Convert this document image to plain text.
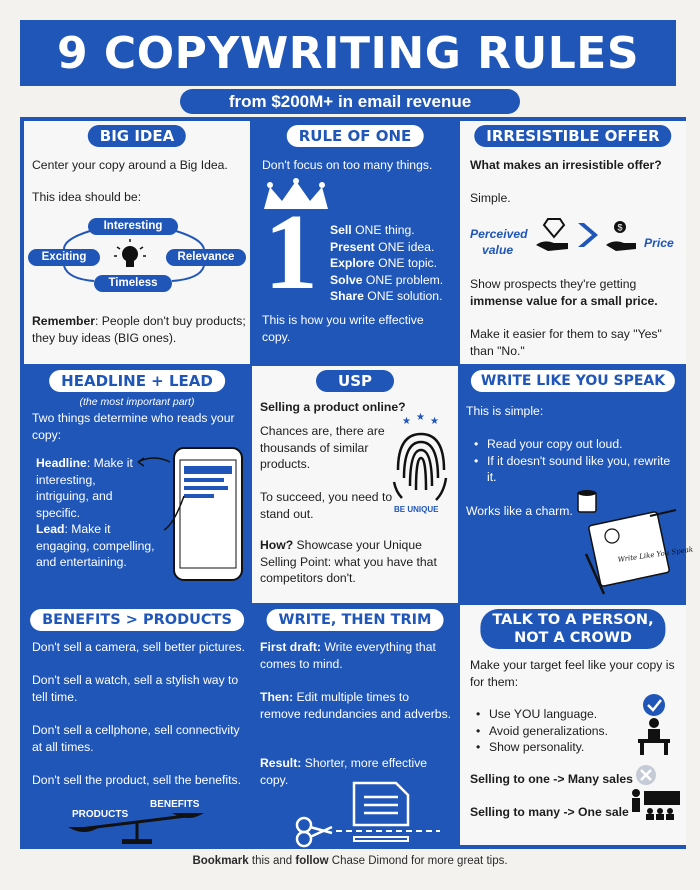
9 COPYWRITING RULES
from $200M+ in email revenue
BIG IDEA
Center your copy around a Big Idea.
This idea should be:
Interesting
Exciting	Relevance
Timeless
Remember: People don't buy products; they buy ideas (BIG ones).
RULE OF ONE
Don't focus on too many things.
1 Sell ONE thing.
Present ONE idea.
Explore ONE topic.
Solve ONE problem.
Share ONE solution.
This is how you write effective copy.
IRRESISTIBLE OFFER
What makes an irresistible offer?
Simple.
Perceived
value
$
Price
Show prospects they're getting
immense value for a small price.
Make it easier for them to say "Yes" than "No."
HEADLINE + LEAD
(the most important part)
Two things determine who reads your copy:
Headline: Make it interesting, intriguing, and specific.
Lead: Make it engaging, compelling, and entertaining.
USP
Selling a product online?
Chances are, there are thousands of similar products.
To succeed, you need to stand out.
How? Showcase your Unique Selling Point: what you have that competitors don't.
★ ★ ★
BE UNIQUE
WRITE LIKE YOU SPEAK
This is simple:
• Read your copy out loud.
• If it doesn't sound like you, rewrite it.
Works like a charm.
Write Like You Speak
BENEFITS > PRODUCTS
Don't sell a camera, sell better pictures.
Don't sell a watch, sell a stylish way to tell time.
Don't sell a cellphone, sell connectivity at all times.
Don't sell the product, sell the benefits.
PRODUCTS
BENEFITS
WRITE, THEN TRIM
First draft: Write everything that comes to mind.
Then: Edit multiple times to remove redundancies and adverbs.
Result: Shorter, more effective copy.
TALK TO A PERSON,
NOT A CROWD
Make your target feel like your copy is for them:
• Use YOU language.
• Avoid generalizations.
• Show personality.
Selling to one -> Many sales
Selling to many -> One sale
Bookmark this and follow Chase Dimond for more great tips.
